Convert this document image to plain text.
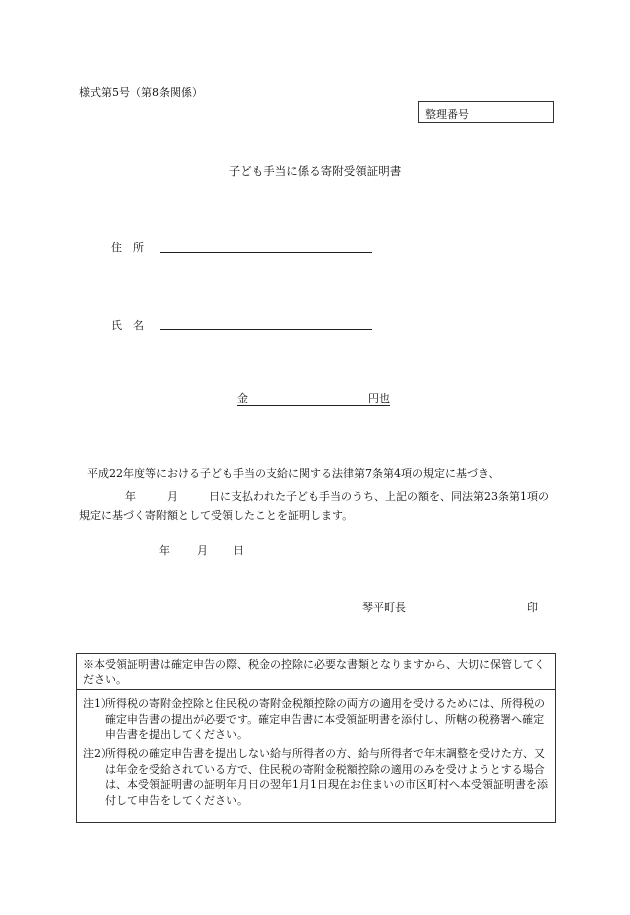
様式第5号（第8条関係）
整理番号
子ども手当に係る寄附受領証明書
住　所
氏　名
金	円也
平成22年度等における子ども手当の支給に関する法律第7条第4項の規定に基づき、
年	月	日に支払われた子ども手当のうち、上記の額を、同法第23条第1項の
規定に基づく寄附額として受領したことを証明します。
年 月 日
琴平町長	印
※本受領証明書は確定申告の際、税金の控除に必要な書類となりますから、大切に保管してください。
注1）
所得税の寄附金控除と住民税の寄附金税額控除の両方の適用を受けるためには、所得税の確定申告書の提出が必要です。確定申告書に本受領証明書を添付し、所轄の税務署へ確定申告書を提出してください。
注2）
所得税の確定申告書を提出しない給与所得者の方、給与所得者で年末調整を受けた方、又は年金を受給されている方で、住民税の寄附金税額控除の適用のみを受けようとする場合は、本受領証明書の証明年月日の翌年1月1日現在お住まいの市区町村へ本受領証明書を添付して申告をしてください。
